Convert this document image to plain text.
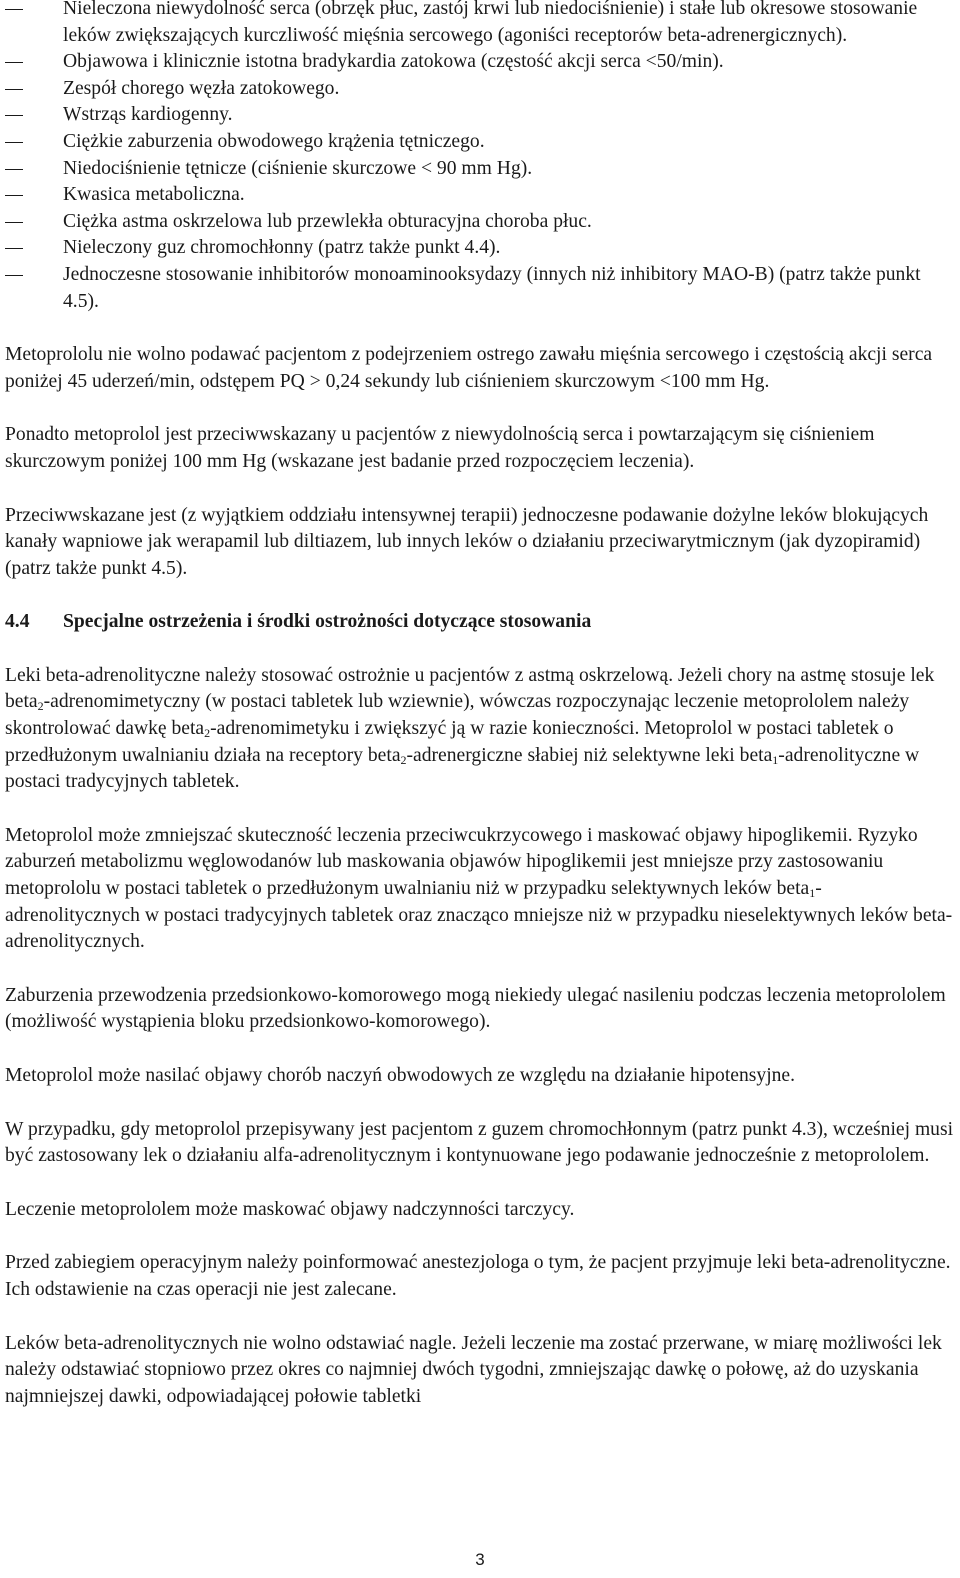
Nieleczona niewydolność serca (obrzęk płuc, zastój krwi lub niedociśnienie) i stałe lub okresowe stosowanie leków zwiększających kurczliwość mięśnia sercowego (agoniści receptorów beta-adrenergicznych).
Objawowa i klinicznie istotna bradykardia zatokowa (częstość akcji serca <50/min).
Zespół chorego węzła zatokowego.
Wstrząs kardiogenny.
Ciężkie zaburzenia obwodowego krążenia tętniczego.
Niedociśnienie tętnicze (ciśnienie skurczowe < 90 mm Hg).
Kwasica metaboliczna.
Ciężka astma oskrzelowa lub przewlekła obturacyjna choroba płuc.
Nieleczony guz chromochłonny (patrz także punkt 4.4).
Jednoczesne stosowanie inhibitorów monoaminooksydazy (innych niż inhibitory MAO-B) (patrz także punkt 4.5).

Metoprololu nie wolno podawać pacjentom z podejrzeniem ostrego zawału mięśnia sercowego i częstością akcji serca poniżej 45 uderzeń/min, odstępem PQ > 0,24 sekundy lub ciśnieniem skurczowym <100 mm Hg.

Ponadto metoprolol jest przeciwwskazany u pacjentów z niewydolnością serca i powtarzającym się ciśnieniem skurczowym poniżej 100 mm Hg (wskazane jest badanie przed rozpoczęciem leczenia).

Przeciwwskazane jest (z wyjątkiem oddziału intensywnej terapii) jednoczesne podawanie dożylne leków blokujących kanały wapniowe jak werapamil lub diltiazem, lub innych leków o działaniu przeciwarytmicznym (jak dyzopiramid) (patrz także punkt 4.5).

4.4 Specjalne ostrzeżenia i środki ostrożności dotyczące stosowania

Leki beta-adrenolityczne należy stosować ostrożnie u pacjentów z astmą oskrzelową. Jeżeli chory na astmę stosuje lek beta$_2$-adrenomimetyczny (w postaci tabletek lub wziewnie), wówczas rozpoczynając leczenie metoprololem należy skontrolować dawkę beta$_2$-adrenomimetyku i zwiększyć ją w razie konieczności. Metoprolol w postaci tabletek o przedłużonym uwalnianiu działa na receptory beta$_2$-adrenergiczne słabiej niż selektywne leki beta$_1$-adrenolityczne w postaci tradycyjnych tabletek.

Metoprolol może zmniejszać skuteczność leczenia przeciwcukrzycowego i maskować objawy hipoglikemii. Ryzyko zaburzeń metabolizmu węglowodanów lub maskowania objawów hipoglikemii jest mniejsze przy zastosowaniu metoprololu w postaci tabletek o przedłużonym uwalnianiu niż w przypadku selektywnych leków beta$_1$-adrenolitycznych w postaci tradycyjnych tabletek oraz znacząco mniejsze niż w przypadku nieselektywnych leków beta-adrenolitycznych.

Zaburzenia przewodzenia przedsionkowo-komorowego mogą niekiedy ulegać nasileniu podczas leczenia metoprololem (możliwość wystąpienia bloku przedsionkowo-komorowego).

Metoprolol może nasilać objawy chorób naczyń obwodowych ze względu na działanie hipotensyjne.

W przypadku, gdy metoprolol przepisywany jest pacjentom z guzem chromochłonnym (patrz punkt 4.3), wcześniej musi być zastosowany lek o działaniu alfa-adrenolitycznym i kontynuowane jego podawanie jednocześnie z metoprololem.

Leczenie metoprololem może maskować objawy nadczynności tarczycy.

Przed zabiegiem operacyjnym należy poinformować anestezjologa o tym, że pacjent przyjmuje leki beta-adrenolityczne. Ich odstawienie na czas operacji nie jest zalecane.

Leków beta-adrenolitycznych nie wolno odstawiać nagle. Jeżeli leczenie ma zostać przerwane, w miarę możliwości lek należy odstawiać stopniowo przez okres co najmniej dwóch tygodni, zmniejszając dawkę o połowę, aż do uzyskania najmniejszej dawki, odpowiadającej połowie tabletki

3
